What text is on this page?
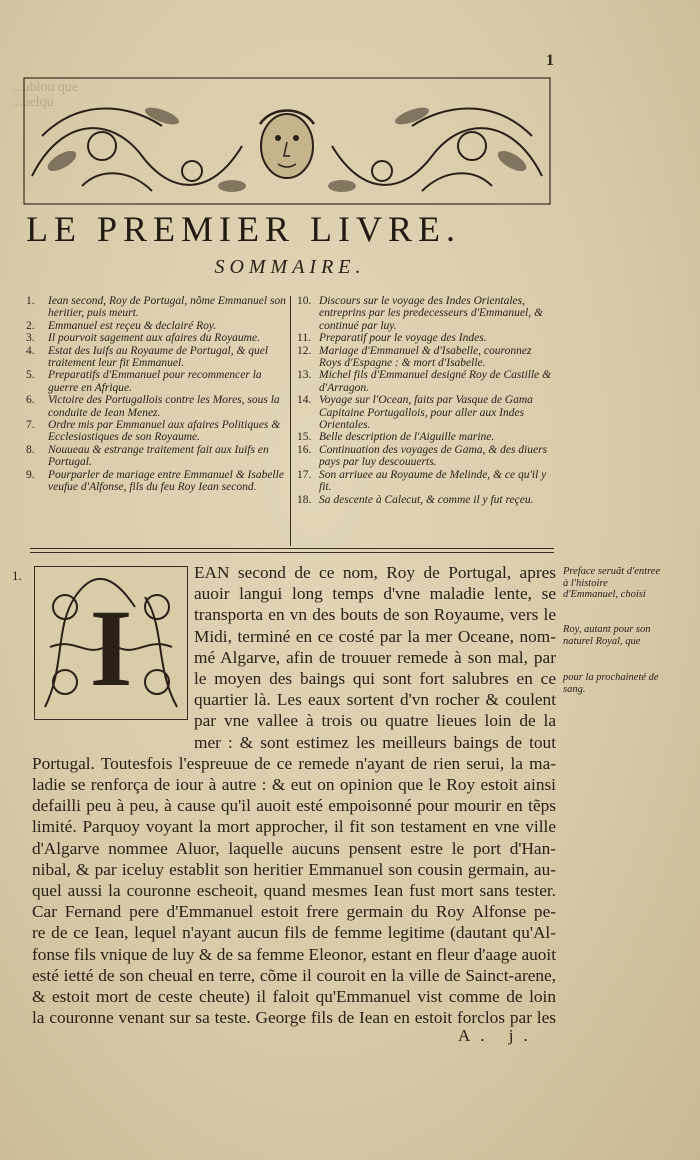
...ubiou que
...uelqu
1
LE PREMIER LIVRE.
SOMMAIRE.
1.	Iean second, Roy de Portugal, nõme Emmanuel son heritier, puis meurt.
2.	Emmanuel est reçeu & declairé Roy.
3.	Il pourvoit sagement aux afaires du Royaume.
4.	Estat des Iuifs au Royaume de Portugal, & quel traitement leur fit Emmanuel.
5.	Preparatifs d'Emmanuel pour recommencer la guerre en Afrique.
6.	Victoire des Portugallois contre les Mores, sous la conduite de Iean Menez.
7.	Ordre mis par Emmanuel aux afaires Politiques & Ecclesiastiques de son Royaume.
8.	Nouueau & estrange traitement fait aux Iuifs en Portugal.
9.	Pourparler de mariage entre Emmanuel & Isabelle veufue d'Alfonse, fils du feu Roy Iean second.
10. Discours sur le voyage des Indes Orientales, entreprins par les predecesseurs d'Emmanuel, & continué par luy.
11. Preparatif pour le voyage des Indes.
12. Mariage d'Emmanuel & d'Isabelle, couronnez Roys d'Espagne : & mort d'Isabelle.
13. Michel fils d'Emmanuel designé Roy de Castille & d'Arragon.
14. Voyage sur l'Ocean, faits par Vasque de Gama Capitaine Portugallois, pour aller aux Indes Orientales.
15. Belle description de l'Aiguille marine.
16. Continuation des voyages de Gama, & des diuers pays par luy descouuerts.
17. Son arriuee au Royaume de Melinde, & ce qu'il y fit.
18. Sa descente à Calecut, & comme il y fut reçeu.
1.
I
EAN second de ce nom, Roy de Portugal, apres
auoir langui long temps d'vne maladie lente, se
transporta en vn des bouts de son Royaume, vers le
Midi, terminé en ce costé par la mer Oceane, nom-
mé Algarve, afin de trouuer remede à son mal, par
le moyen des baings qui sont fort salubres en ce
quartier là. Les eaux sortent d'vn rocher & coulent
par vne vallee à trois ou quatre lieues loin de la
mer : & sont estimez les meilleurs baings de tout
Portugal. Toutesfois l'espreuue de ce remede n'ayant de rien serui, la ma-
ladie se renforça de iour à autre : & eut on opinion que le Roy estoit ainsi
defailli peu à peu, à cause qu'il auoit esté empoisonné pour mourir en tẽps
limité. Parquoy voyant la mort approcher, il fit son testament en vne ville
d'Algarve nommee Aluor, laquelle aucuns pensent estre le port d'Han-
nibal, & par iceluy establit son heritier Emmanuel son cousin germain, au-
quel aussi la couronne escheoit, quand mesmes Iean fust mort sans tester.
Car Fernand pere d'Emmanuel estoit frere germain du Roy Alfonse pe-
re de ce Iean, lequel n'ayant aucun fils de femme legitime (dautant qu'Al-
fonse fils vnique de luy & de sa femme Eleonor, estant en fleur d'aage auoit
esté ietté de son cheual en terre, cõme il couroit en la ville de Sainct-arene,
& estoit mort de ceste cheute) il faloit qu'Emmanuel vist comme de loin
la couronne venant sur sa teste. George fils de Iean en estoit forclos par les
Preface seruãt d'entree à l'histoire d'Emmanuel, choisi
Roy, autant pour son naturel Royal, que
pour la prochaineté de sang.
A. j.
